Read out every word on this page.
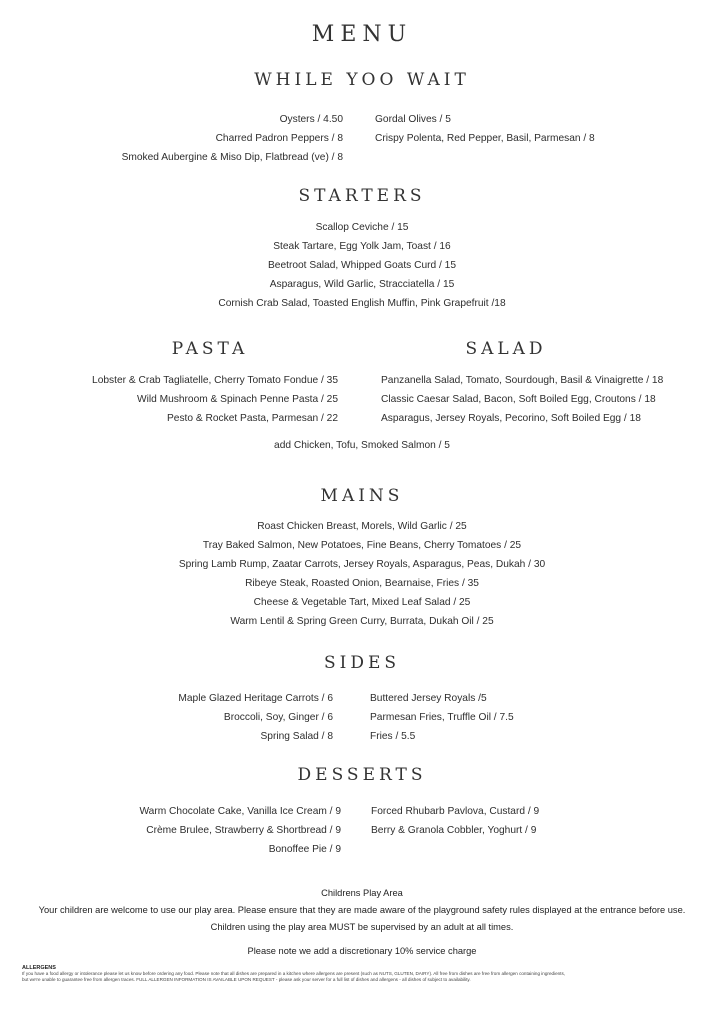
MENU
WHILE YOO WAIT
Oysters / 4.50
Charred Padron Peppers / 8
Smoked Aubergine & Miso Dip, Flatbread (ve) / 8
Gordal Olives / 5
Crispy Polenta, Red Pepper, Basil, Parmesan / 8
STARTERS
Scallop Ceviche / 15
Steak Tartare, Egg Yolk Jam, Toast / 16
Beetroot Salad, Whipped Goats Curd / 15
Asparagus, Wild Garlic, Stracciatella / 15
Cornish Crab Salad, Toasted English Muffin, Pink Grapefruit /18
PASTA	SALAD
Lobster & Crab Tagliatelle, Cherry Tomato Fondue / 35
Wild Mushroom & Spinach Penne Pasta / 25
Pesto & Rocket Pasta, Parmesan / 22
Panzanella Salad, Tomato, Sourdough, Basil & Vinaigrette / 18
Classic Caesar Salad, Bacon, Soft Boiled Egg, Croutons / 18
Asparagus, Jersey Royals, Pecorino, Soft Boiled Egg / 18
add Chicken, Tofu, Smoked Salmon / 5
MAINS
Roast Chicken Breast, Morels, Wild Garlic / 25
Tray Baked Salmon, New Potatoes, Fine Beans, Cherry Tomatoes / 25
Spring Lamb Rump, Zaatar Carrots, Jersey Royals, Asparagus, Peas, Dukah / 30
Ribeye Steak, Roasted Onion, Bearnaise, Fries / 35
Cheese & Vegetable Tart, Mixed Leaf Salad / 25
Warm Lentil & Spring Green Curry, Burrata, Dukah Oil / 25
SIDES
Maple Glazed Heritage Carrots / 6
Broccoli, Soy, Ginger / 6
Spring Salad / 8
Buttered Jersey Royals /5
Parmesan Fries, Truffle Oil / 7.5
Fries / 5.5
DESSERTS
Warm Chocolate Cake, Vanilla Ice Cream / 9
Crème Brulee, Strawberry & Shortbread / 9
Bonoffee Pie / 9
Forced Rhubarb Pavlova, Custard / 9
Berry & Granola Cobbler, Yoghurt / 9
Childrens Play Area
Your children are welcome to use our play area. Please ensure that they are made aware of the playground safety rules displayed at the entrance before use.
Children using the play area MUST be supervised by an adult at all times.
Please note we add a discretionary 10% service charge
ALLERGENS
If you have a food allergy or intolerance please let us know before ordering any food. Please note that all dishes are prepared in a kitchen where allergens are present (such as NUTS, GLUTEN, DAIRY). All free from dishes are free from allergen containing ingredients,
but we're unable to guarantee free from allergen traces. FULL ALLERGEN INFORMATION IS AVAILABLE UPON REQUEST - please ask your server for a full list of dishes and allergens - all dishes of subject to availability.
